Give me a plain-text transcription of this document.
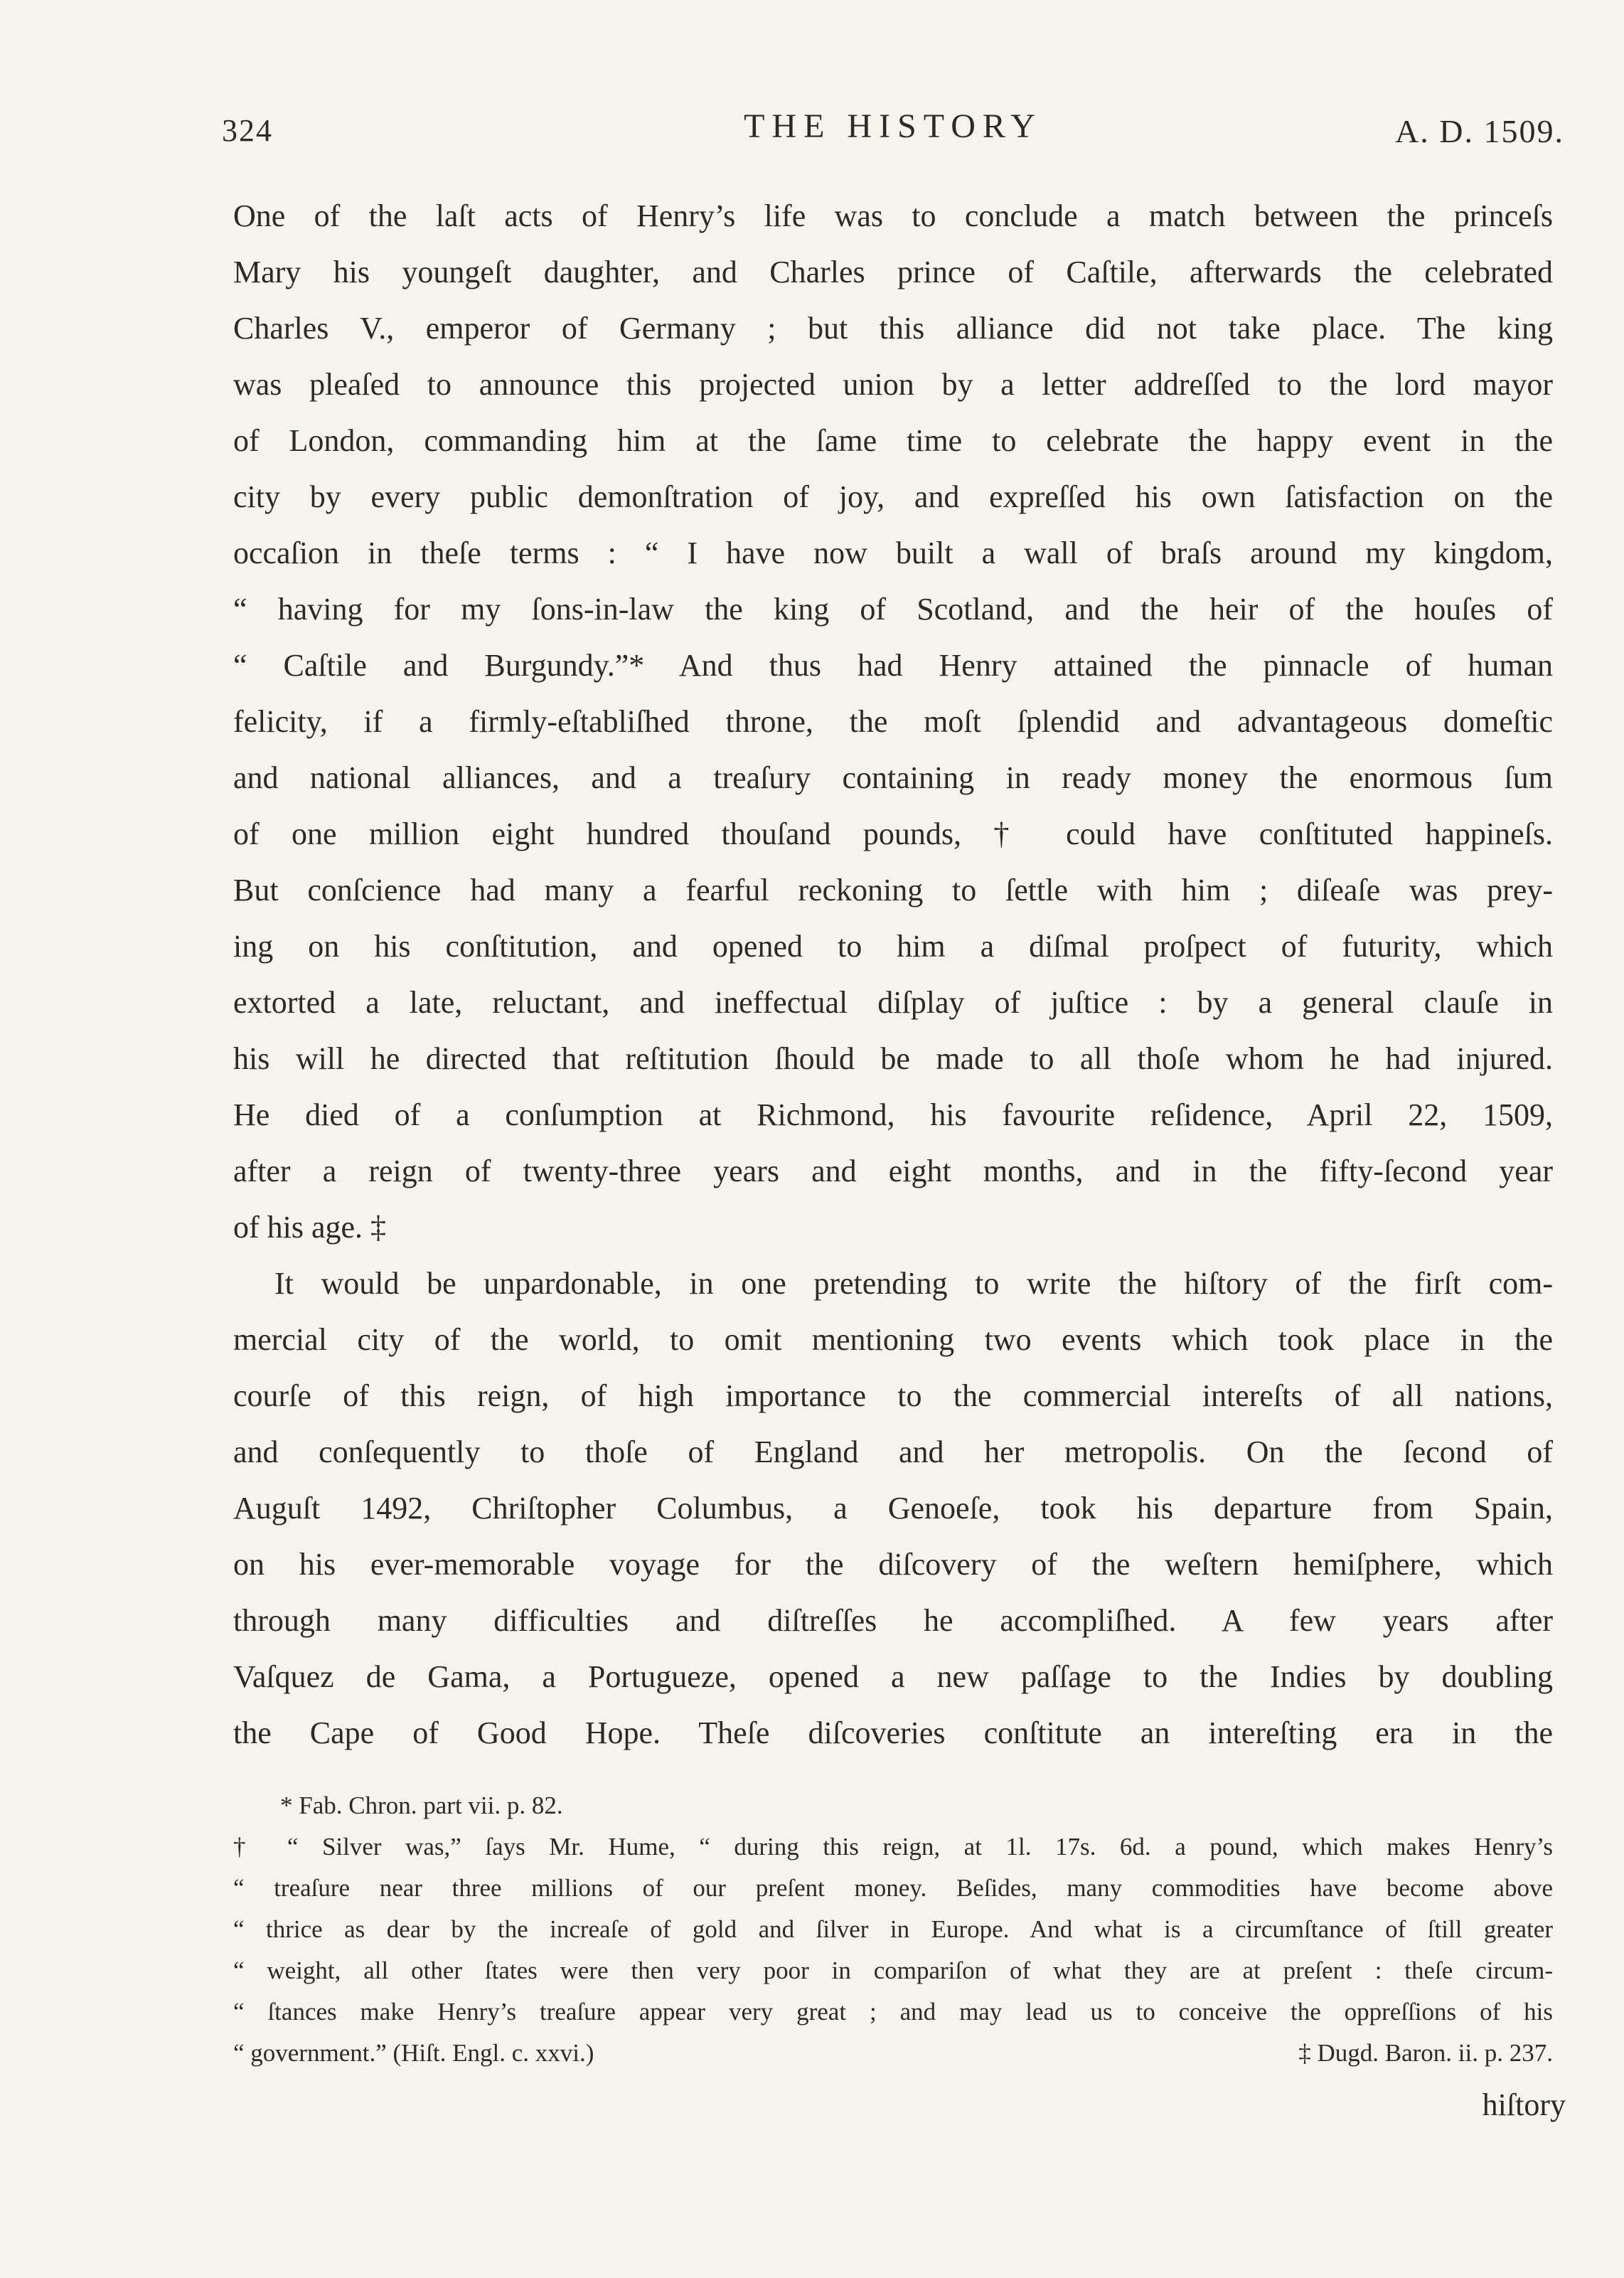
324	THE HISTORY	A. D. 1509.
One of the laſt acts of Henry’s life was to conclude a match between the princeſs
Mary his youngeſt daughter, and Charles prince of Caſtile, afterwards the celebrated
Charles V., emperor of Germany ; but this alliance did not take place. The king
was pleaſed to announce this projected union by a letter addreſſed to the lord mayor
of London, commanding him at the ſame time to celebrate the happy event in the
city by every public demonſtration of joy, and expreſſed his own ſatisfaction on the
occaſion in theſe terms : “ I have now built a wall of braſs around my kingdom,
“ having for my ſons-in-law the king of Scotland, and the heir of the houſes of
“ Caſtile and Burgundy.”* And thus had Henry attained the pinnacle of human
felicity, if a firmly-eſtabliſhed throne, the moſt ſplendid and advantageous domeſtic
and national alliances, and a treaſury containing in ready money the enormous ſum
of one million eight hundred thouſand pounds, † could have conſtituted happineſs.
But conſcience had many a fearful reckoning to ſettle with him ; diſeaſe was prey-
ing on his conſtitution, and opened to him a diſmal proſpect of futurity, which
extorted a late, reluctant, and ineffectual diſplay of juſtice : by a general clauſe in
his will he directed that reſtitution ſhould be made to all thoſe whom he had injured.
He died of a conſumption at Richmond, his favourite reſidence, April 22, 1509,
after a reign of twenty-three years and eight months, and in the fifty-ſecond year
of his age. ‡
It would be unpardonable, in one pretending to write the hiſtory of the firſt com-
mercial city of the world, to omit mentioning two events which took place in the
courſe of this reign, of high importance to the commercial intereſts of all nations,
and conſequently to thoſe of England and her metropolis. On the ſecond of
Auguſt 1492, Chriſtopher Columbus, a Genoeſe, took his departure from Spain,
on his ever-memorable voyage for the diſcovery of the weſtern hemiſphere, which
through many difficulties and diſtreſſes he accompliſhed. A few years after
Vaſquez de Gama, a Portugueze, opened a new paſſage to the Indies by doubling
the Cape of Good Hope. Theſe diſcoveries conſtitute an intereſting era in the
* Fab. Chron. part vii. p. 82.
† “ Silver was,” ſays Mr. Hume, “ during this reign, at 1l. 17s. 6d. a pound, which makes Henry’s
“ treaſure near three millions of our preſent money. Beſides, many commodities have become above
“ thrice as dear by the increaſe of gold and ſilver in Europe. And what is a circumſtance of ſtill greater
“ weight, all other ſtates were then very poor in compariſon of what they are at preſent : theſe circum-
“ ſtances make Henry’s treaſure appear very great ; and may lead us to conceive the oppreſſions of his
“ government.” (Hiſt. Engl. c. xxvi.)	‡ Dugd. Baron. ii. p. 237.
hiſtory
